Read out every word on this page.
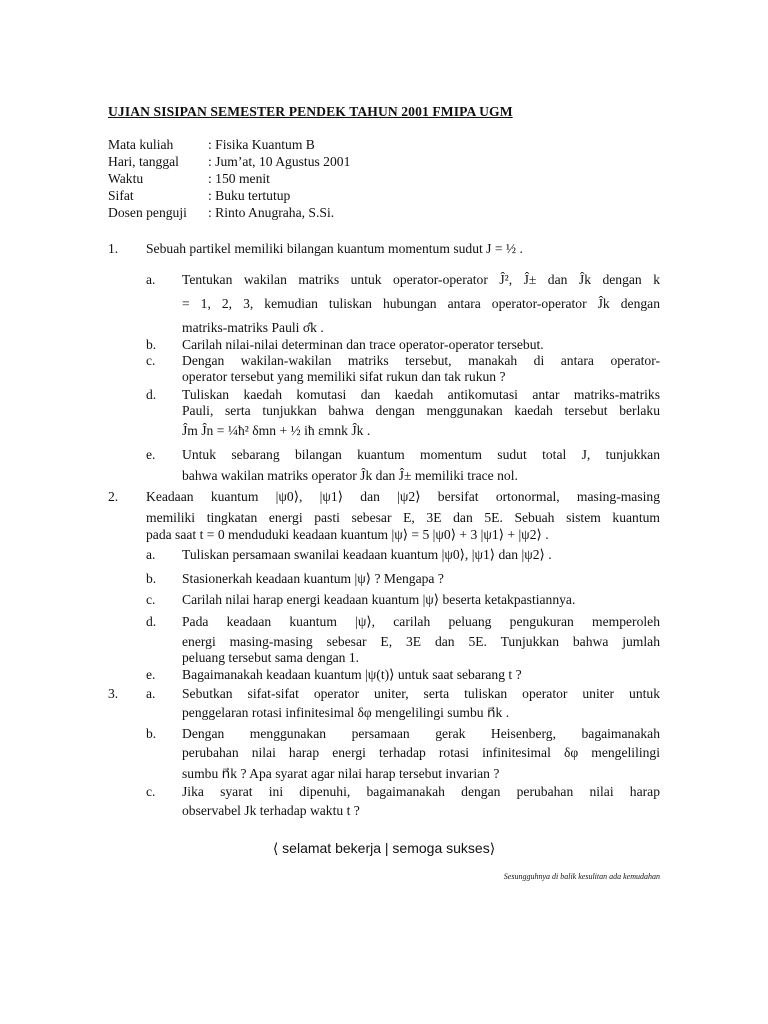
UJIAN SISIPAN SEMESTER PENDEK TAHUN 2001 FMIPA UGM
Mata kuliah	: Fisika Kuantum B
Hari, tanggal	: Jum’at, 10 Agustus 2001
Waktu	: 150 menit
Sifat	: Buku tertutup
Dosen penguji	: Rinto Anugraha, S.Si.
1.	Sebuah partikel memiliki bilangan kuantum momentum sudut J = ½ .
a.	Tentukan wakilan matriks untuk operator-operator Ĵ², Ĵ± dan Ĵk dengan k
= 1, 2, 3, kemudian tuliskan hubungan antara operator-operator Ĵk dengan
matriks-matriks Pauli σ̂k .
b.	Carilah nilai-nilai determinan dan trace operator-operator tersebut.
c.	Dengan wakilan-wakilan matriks tersebut, manakah di antara operator-
operator tersebut yang memiliki sifat rukun dan tak rukun ?
d.	Tuliskan kaedah komutasi dan kaedah antikomutasi antar matriks-matriks
Pauli, serta tunjukkan bahwa dengan menggunakan kaedah tersebut berlaku
Ĵm Ĵn = ¼ħ² δmn + ½ iħ εmnk Ĵk .
e.	Untuk sebarang bilangan kuantum momentum sudut total J, tunjukkan
bahwa wakilan matriks operator Ĵk dan Ĵ± memiliki trace nol.
2.	Keadaan kuantum |ψ0⟩, |ψ1⟩ dan |ψ2⟩ bersifat ortonormal, masing-masing
memiliki tingkatan energi pasti sebesar E, 3E dan 5E. Sebuah sistem kuantum
pada saat t = 0 menduduki keadaan kuantum |ψ⟩ = 5 |ψ0⟩ + 3 |ψ1⟩ + |ψ2⟩ .
a.	Tuliskan persamaan swanilai keadaan kuantum |ψ0⟩, |ψ1⟩ dan |ψ2⟩ .
b.	Stasionerkah keadaan kuantum |ψ⟩ ? Mengapa ?
c.	Carilah nilai harap energi keadaan kuantum |ψ⟩ beserta ketakpastiannya.
d.	Pada keadaan kuantum |ψ⟩, carilah peluang pengukuran memperoleh
energi masing-masing sebesar E, 3E dan 5E. Tunjukkan bahwa jumlah
peluang tersebut sama dengan 1.
e.	Bagaimanakah keadaan kuantum |ψ(t)⟩ untuk saat sebarang t ?
3.	a.	Sebutkan sifat-sifat operator uniter, serta tuliskan operator uniter untuk
penggelaran rotasi infinitesimal δφ mengelilingi sumbu n⃗k .
b.	Dengan menggunakan persamaan gerak Heisenberg, bagaimanakah
perubahan nilai harap energi terhadap rotasi infinitesimal δφ mengelilingi
sumbu n⃗k ? Apa syarat agar nilai harap tersebut invarian ?
c.	Jika syarat ini dipenuhi, bagaimanakah dengan perubahan nilai harap
observabel Jk terhadap waktu t ?
⟨ selamat bekerja | semoga sukses⟩
Sesungguhnya di balik kesulitan ada kemudahan
